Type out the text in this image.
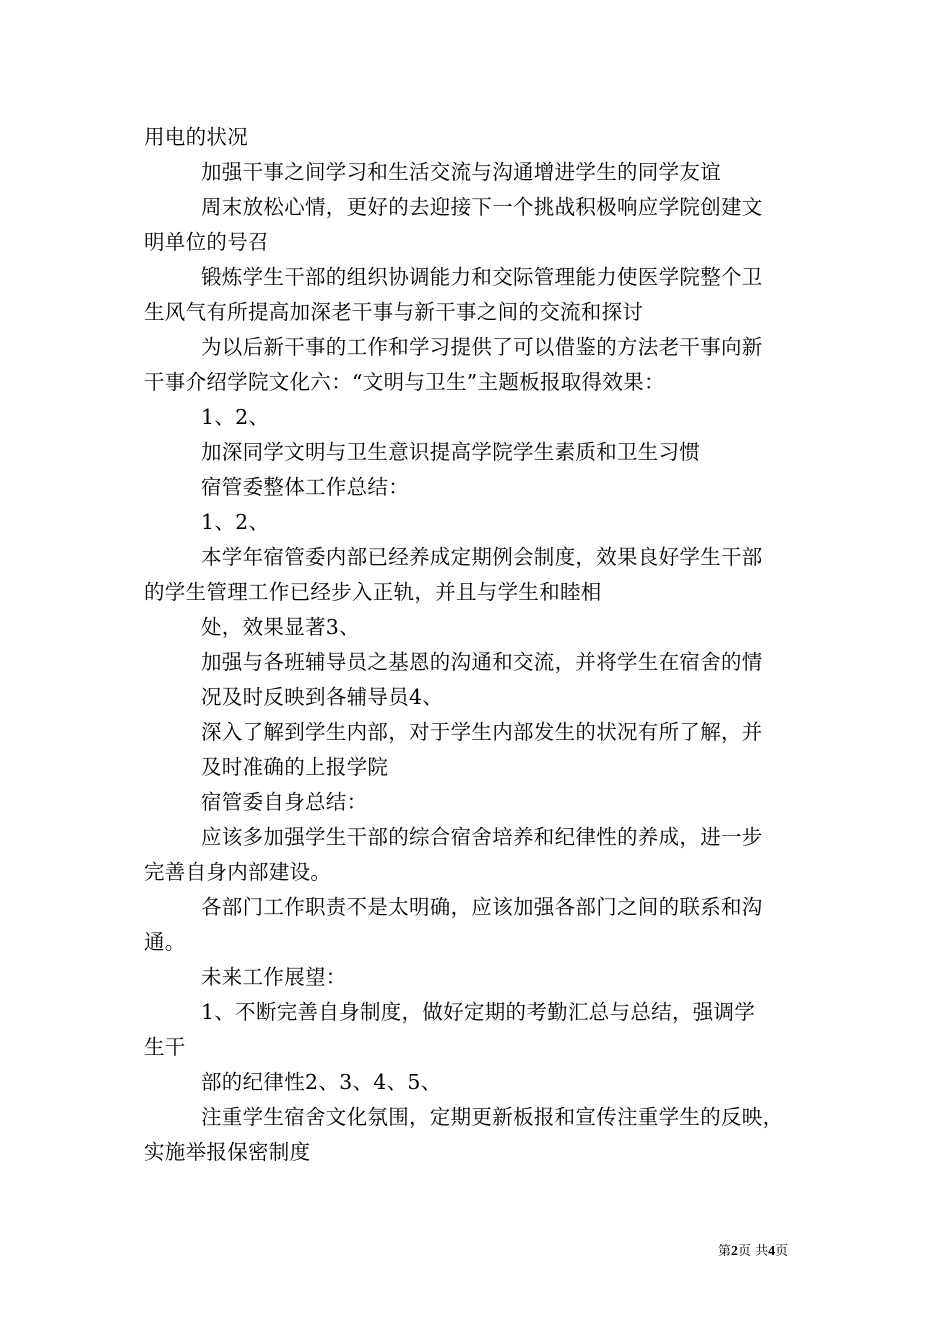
用电的状况
加强干事之间学习和生活交流与沟通增进学生的同学友谊
周末放松心情，更好的去迎接下一个挑战积极响应学院创建文
明单位的号召
锻炼学生干部的组织协调能力和交际管理能力使医学院整个卫
生风气有所提高加深老干事与新干事之间的交流和探讨
为以后新干事的工作和学习提供了可以借鉴的方法老干事向新
干事介绍学院文化六：“文明与卫生”主题板报取得效果：
1、2、
加深同学文明与卫生意识提高学院学生素质和卫生习惯
宿管委整体工作总结：
1、2、
本学年宿管委内部已经养成定期例会制度，效果良好学生干部
的学生管理工作已经步入正轨，并且与学生和睦相
处，效果显著3、
加强与各班辅导员之基恩的沟通和交流，并将学生在宿舍的情
况及时反映到各辅导员4、
深入了解到学生内部，对于学生内部发生的状况有所了解，并
及时准确的上报学院
宿管委自身总结：
应该多加强学生干部的综合宿舍培养和纪律性的养成，进一步
完善自身内部建设。
各部门工作职责不是太明确，应该加强各部门之间的联系和沟
通。
未来工作展望：
1、不断完善自身制度，做好定期的考勤汇总与总结，强调学
生干
部的纪律性2、3、4、5、
注重学生宿舍文化氛围，定期更新板报和宣传注重学生的反映，
实施举报保密制度
第2页 共4页
